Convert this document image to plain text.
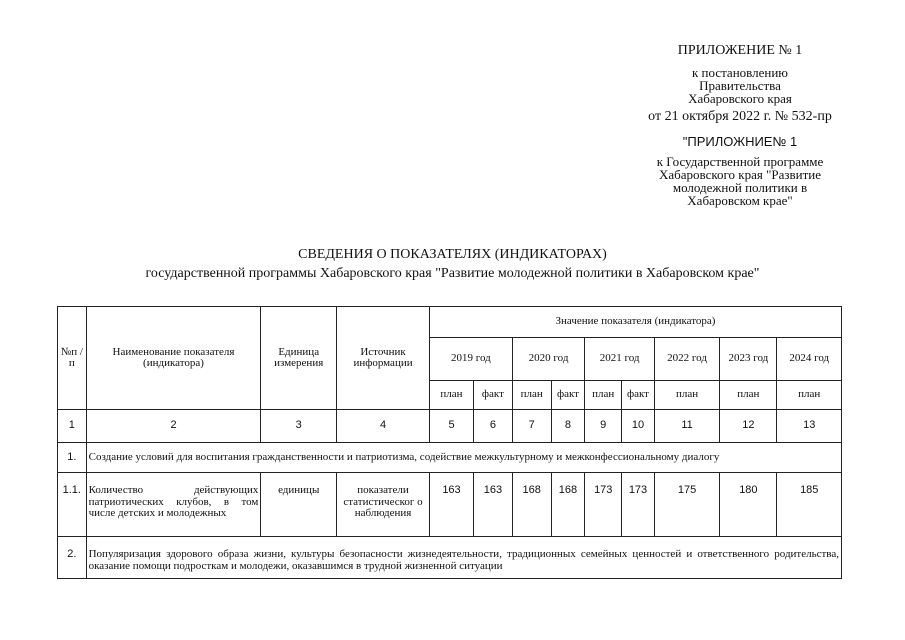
ПРИЛОЖЕНИЕ № 1
к постановлению
Правительства
Хабаровского края
от 21 октября 2022 г. № 532-пр
"ПРИЛОЖНИЕ№ 1
к Государственной программе
Хабаровского края "Развитие
молодежной политики в
Хабаровском крае"
СВЕДЕНИЯ О ПОКАЗАТЕЛЯХ (ИНДИКАТОРАХ)
государственной программы Хабаровского края "Развитие молодежной политики в Хабаровском крае"
№п /п	Наименование показателя (индикатора)	Единица измерения	Источник информации	Значение показателя (индикатора)								
				2019 год		2020 год		2021 год		2022 год	2023 год	2024 год
				план	факт	план	факт	план	факт	план	план	план
1	2	3	4	5	6	7	8	9	10	11	12	13
1.	Создание условий для воспитания гражданственности и патриотизма, содействие межкультурному и межконфессиональному диалогу											
1.1.	Количество действующих патриотических клубов, в том числе детских и молодежных	единицы	показатели статистическог о наблюдения	163	163	168	168	173	173	175	180	185
2.	Популяризация здорового образа жизни, культуры безопасности жизнедеятельности, традиционных семейных ценностей и ответственного родительства, оказание помощи подросткам и молодежи, оказавшимся в трудной жизненной ситуации											
